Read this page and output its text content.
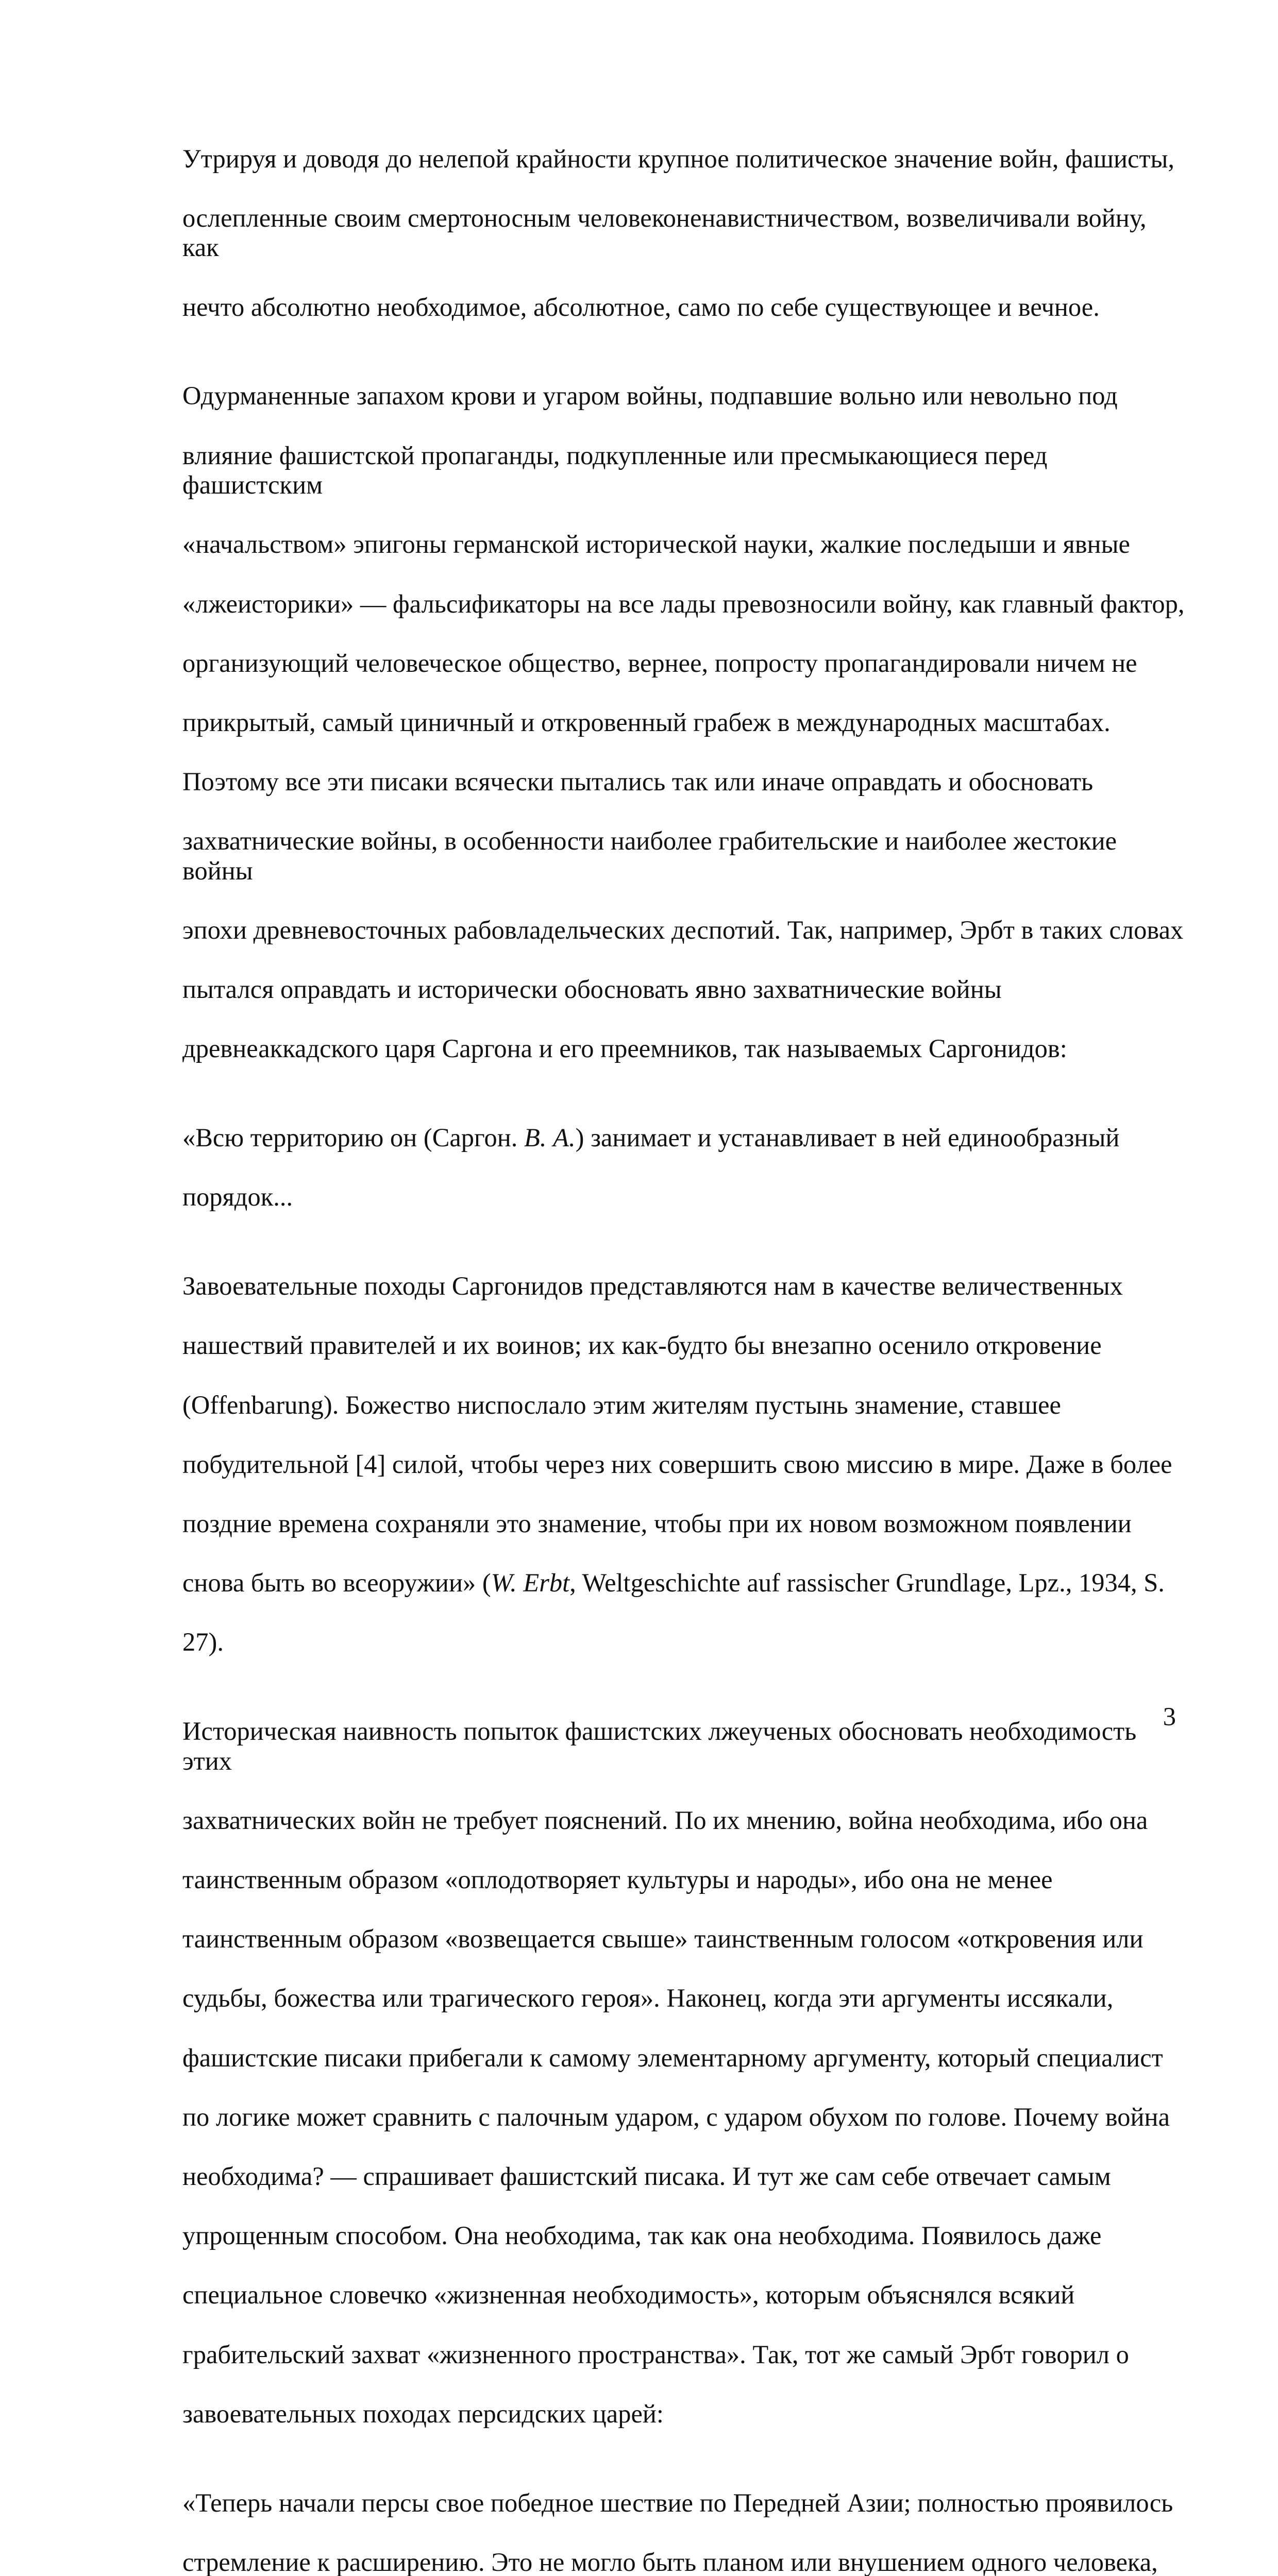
Утрируя и доводя до нелепой крайности крупное политическое значение войн, фашисты,

ослепленные своим смертоносным человеконенавистничеством, возвеличивали войну, как

нечто абсолютно необходимое, абсолютное, само по себе существующее и вечное.

Одурманенные запахом крови и угаром войны, подпавшие вольно или невольно под

влияние фашистской пропаганды, подкупленные или пресмыкающиеся перед фашистским

«начальством» эпигоны германской исторической науки, жалкие последыши и явные

«лжеисторики» — фальсификаторы на все лады превозносили войну, как главный фактор,

организующий человеческое общество, вернее, попросту пропагандировали ничем не

прикрытый, самый циничный и откровенный грабеж в международных масштабах.

Поэтому все эти писаки всячески пытались так или иначе оправдать и обосновать

захватнические войны, в особенности наиболее грабительские и наиболее жестокие войны

эпохи древневосточных рабовладельческих деспотий. Так, например, Эрбт в таких словах

пытался оправдать и исторически обосновать явно захватнические войны

древнеаккадского царя Саргона и его преемников, так называемых Саргонидов:

«Всю территорию он (Саргон. В. А.) занимает и устанавливает в ней единообразный

порядок...

Завоевательные походы Саргонидов представляются нам в качестве величественных

нашествий правителей и их воинов; их как-будто бы внезапно осенило откровение

(Offenbarung). Божество ниспослало этим жителям пустынь знамение, ставшее

побудительной [4] силой, чтобы через них совершить свою миссию в мире. Даже в более

поздние времена сохраняли это знамение, чтобы при их новом возможном появлении

снова быть во всеоружии» (W. Erbt, Weltgeschichte auf rassischer Grundlage, Lpz., 1934, S.

27).

Историческая наивность попыток фашистских лжеученых обосновать необходимость этих

захватнических войн не требует пояснений. По их мнению, война необходима, ибо она

таинственным образом «оплодотворяет культуры и народы», ибо она не менее

таинственным образом «возвещается свыше» таинственным голосом «откровения или

судьбы, божества или трагического героя». Наконец, когда эти аргументы иссякали,

фашистские писаки прибегали к самому элементарному аргументу, который специалист

по логике может сравнить с палочным ударом, с ударом обухом по голове. Почему война

необходима? — спрашивает фашистский писака. И тут же сам себе отвечает самым

упрощенным способом. Она необходима, так как она необходима. Появилось даже

специальное словечко «жизненная необходимость», которым объяснялся всякий

грабительский захват «жизненного пространства». Так, тот же самый Эрбт говорил о

завоевательных походах персидских царей:

«Теперь начали персы свое победное шествие по Передней Азии; полностью проявилось

стремление к расширению. Это не могло быть планом или внушением одного человека,

3
